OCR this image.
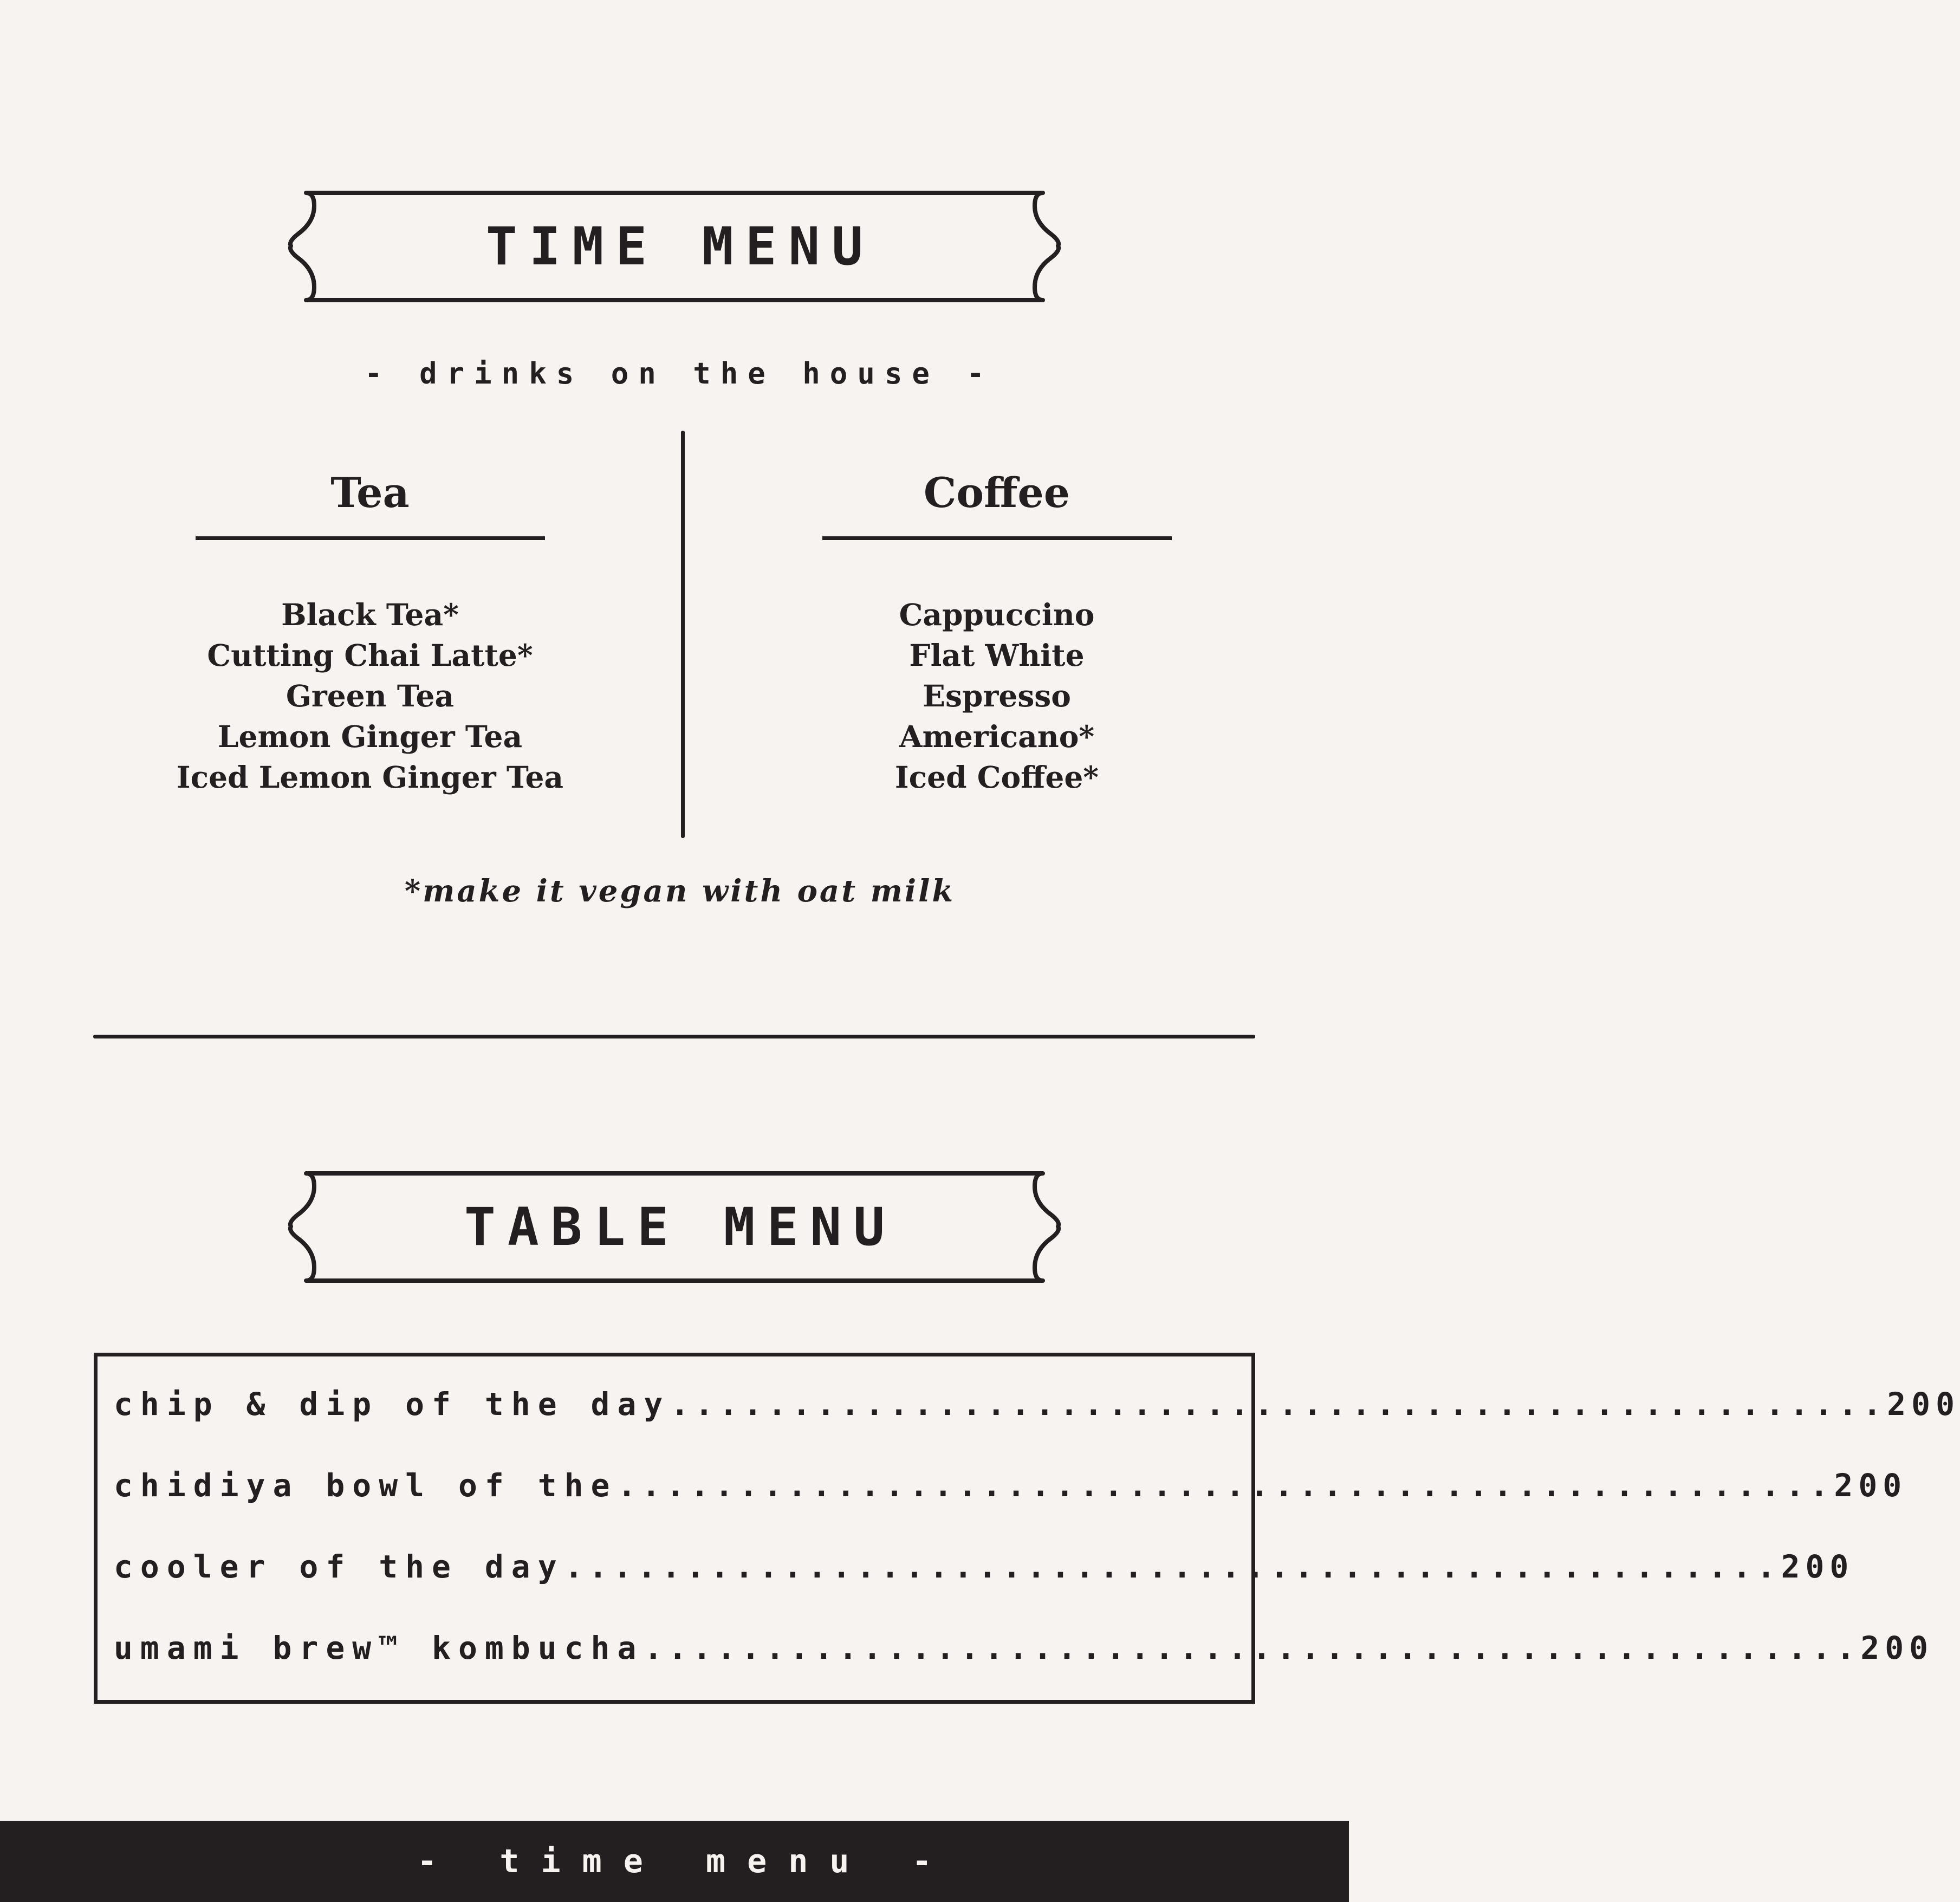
TIME MENU
- drinks on the house -
Tea
Black Tea*
Cutting Chai Latte*
Green Tea
Lemon Ginger Tea
Iced Lemon Ginger Tea
Coffee
Cappuccino
Flat White
Espresso
Americano*
Iced Coffee*
*make it vegan with oat milk
TABLE MENU
chip & dip of the day .................................................. 200
chidiya bowl of the .................................................. 200
cooler of the day .................................................. 200
umami brew™ kombucha .................................................. 200
- time menu -
